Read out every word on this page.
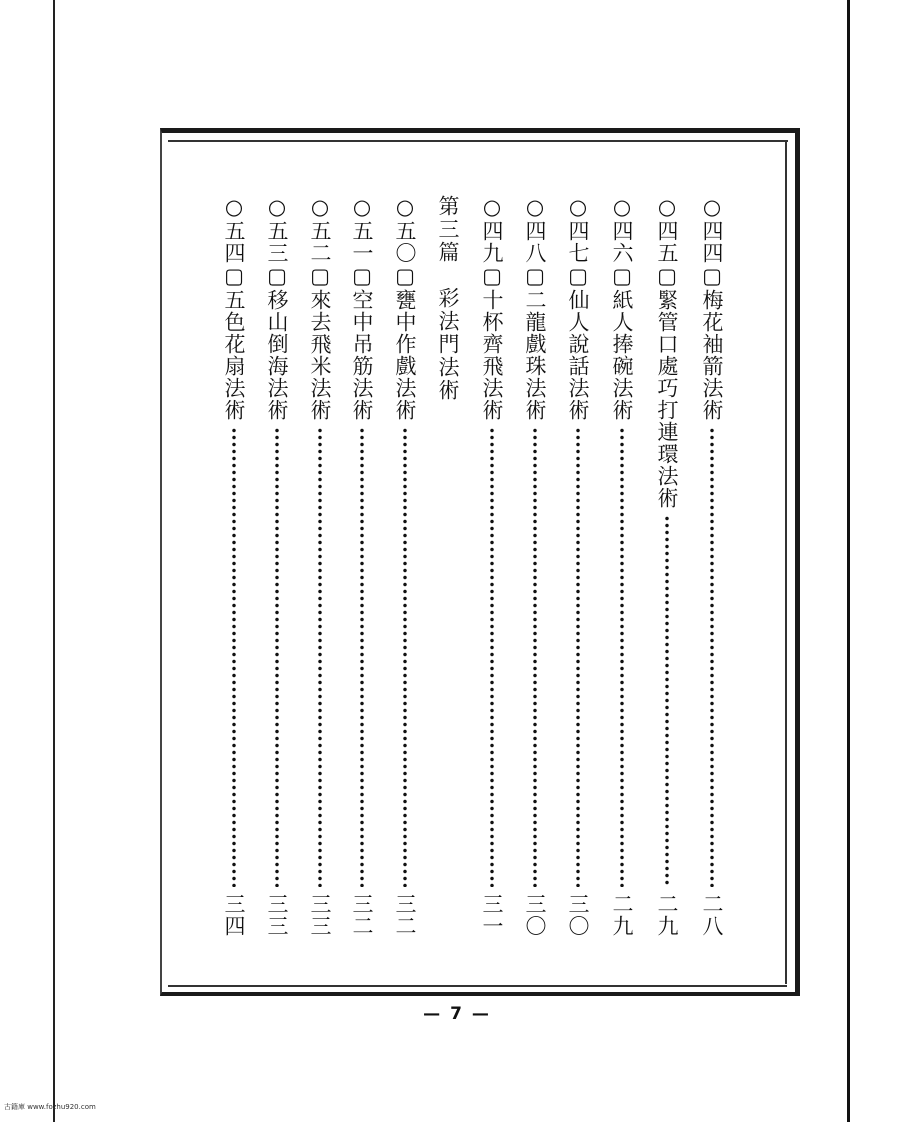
○四四▢梅花袖箭法術
二八
○四五▢緊管口處巧打連環法術
二九
○四六▢紙人捧碗法術
二九
○四七▢仙人說話法術
三〇
○四八▢二龍戲珠法術
三〇
○四九▢十杯齊飛法術
三一
第三篇　彩法門法術
○五〇▢甕中作戲法術
三二
○五一▢空中吊筋法術
三二
○五二▢來去飛米法術
三三
○五三▢移山倒海法術
三三
○五四▢五色花扇法術
三四
— 7 —
古籍庫 www.fozhu920.com
